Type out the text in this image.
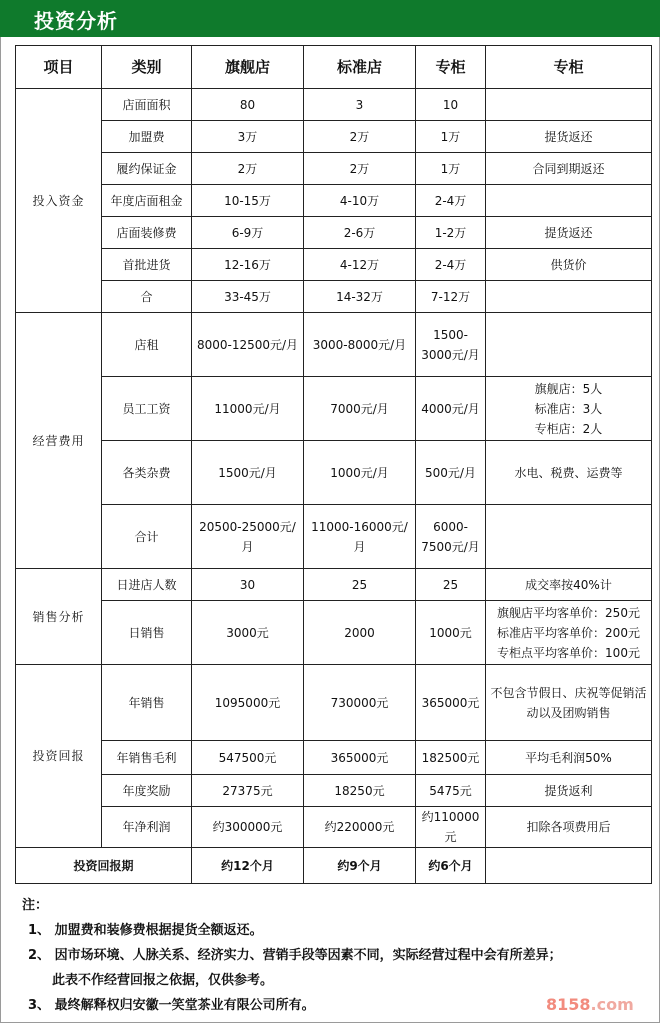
投资分析
项目	类别	旗舰店	标准店	专柜	专柜
投入资金	店面面积	80	3	10	
	加盟费	3万	2万	1万	提货返还
	履约保证金	2万	2万	1万	合同到期返还
	年度店面租金	10-15万	4-10万	2-4万	
	店面装修费	6-9万	2-6万	1-2万	提货返还
	首批进货	12-16万	4-12万	2-4万	供货价
	合	33-45万	14-32万	7-12万	
经营费用	店租	8000-12500元/月	3000-8000元/月	1500-3000元/月	
	员工工资	11000元/月	7000元/月	4000元/月	旗舰店：5人
标准店：3人
专柜店：2人

	各类杂费	1500元/月	1000元/月	500元/月	水电、税费、运费等
	合计	20500-25000元/月	11000-16000元/月	6000-7500元/月	
销售分析	日进店人数	30	25	25	成交率按40%计
	日销售	3000元	2000	1000元	旗舰店平均客单价：250元
标准店平均客单价：200元
专柜点平均客单价：100元

投资回报	年销售	1095000元	730000元	365000元	不包含节假日、庆祝等促销活动以及团购销售
	年销售毛利	547500元	365000元	182500元	平均毛利润50%
	年度奖励	27375元	18250元	5475元	提货返利
	年净利润	约300000元	约220000元	约110000元	扣除各项费用后
投资回报期		约12个月	约9个月	约6个月	
注：
1、 加盟费和装修费根据提货全额返还。
2、 因市场环境、人脉关系、经济实力、营销手段等因素不同，实际经营过程中会有所差异；
此表不作经营回报之依据，仅供参考。
3、 最终解释权归安徽一笑堂茶业有限公司所有。	8158.com
